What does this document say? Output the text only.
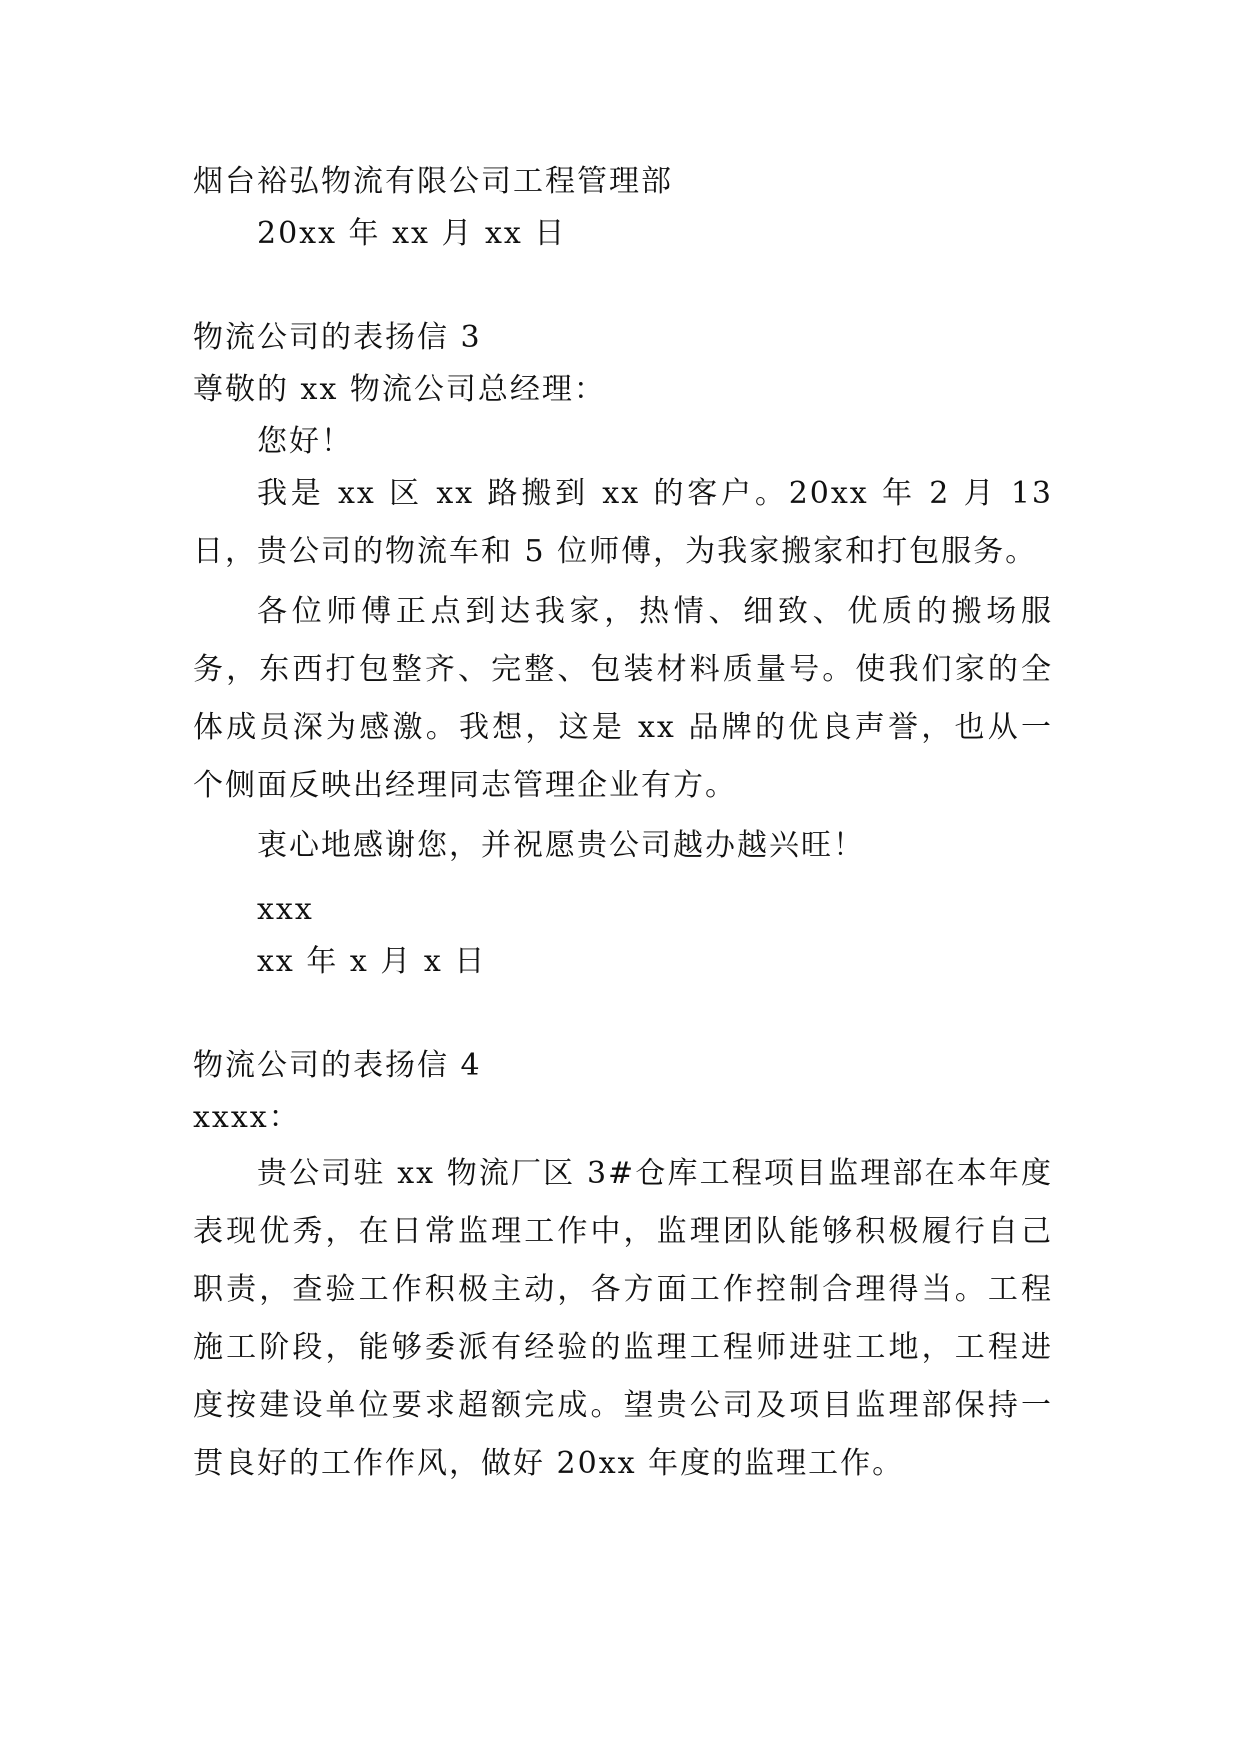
烟台裕弘物流有限公司工程管理部

20xx 年 xx 月 xx 日

物流公司的表扬信 3

尊敬的 xx 物流公司总经理：

您好！

我是 xx 区 xx 路搬到 xx 的客户。20xx 年 2 月 13 日，贵公司的物流车和 5 位师傅，为我家搬家和打包服务。

各位师傅正点到达我家，热情、细致、优质的搬场服务，东西打包整齐、完整、包装材料质量号。使我们家的全体成员深为感激。我想，这是 xx 品牌的优良声誉，也从一个侧面反映出经理同志管理企业有方。

衷心地感谢您，并祝愿贵公司越办越兴旺！

xxx

xx 年 x 月 x 日

物流公司的表扬信 4

xxxx：

贵公司驻 xx 物流厂区 3#仓库工程项目监理部在本年度表现优秀，在日常监理工作中，监理团队能够积极履行自己职责，查验工作积极主动，各方面工作控制合理得当。工程施工阶段，能够委派有经验的监理工程师进驻工地，工程进度按建设单位要求超额完成。望贵公司及项目监理部保持一贯良好的工作作风，做好 20xx 年度的监理工作。
